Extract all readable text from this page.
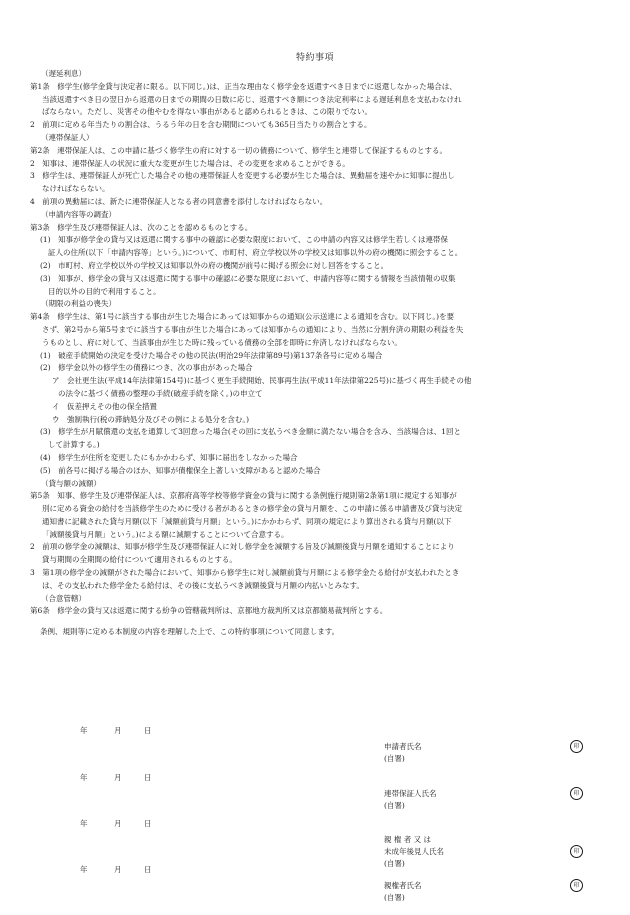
特約事項
（遅延利息）
第1条　修学生(修学金貸与決定者に限る。以下同じ。)は、正当な理由なく修学金を返還すべき日までに返還しなかった場合は、
当該返還すべき日の翌日から返還の日までの期間の日数に応じ、返還すべき額につき法定利率による遅延利息を支払わなけれ
ばならない。ただし、災害その他やむを得ない事由があると認められるときは、この限りでない。
2　前項に定める年当たりの割合は、うるう年の日を含む期間についても365日当たりの割合とする。
（連帯保証人）
第2条　連帯保証人は、この申請に基づく修学生の府に対する一切の債務について、修学生と連帯して保証するものとする。
2　知事は、連帯保証人の状況に重大な変更が生じた場合は、その変更を求めることができる。
3　修学生は、連帯保証人が死亡した場合その他の連帯保証人を変更する必要が生じた場合は、異動届を速やかに知事に提出し
なければならない。
4　前項の異動届には、新たに連帯保証人となる者の同意書を添付しなければならない。
（申請内容等の調査）
第3条　修学生及び連帯保証人は、次のことを認めるものとする。
(1)　知事が修学金の貸与又は返還に関する事中の確認に必要な限度において、この申請の内容又は修学生若しくは連帯保
証人の住所(以下「申請内容等」という。)について、市町村、府立学校以外の学校又は知事以外の府の機関に照会すること。
(2)　市町村、府立学校以外の学校又は知事以外の府の機関が前号に掲げる照会に対し回答をすること。
(3)　知事が、修学金の貸与又は返還に関する事中の確認に必要な限度において、申請内容等に関する情報を当該情報の収集
目的以外の目的で利用すること。
（期限の利益の喪失）
第4条　修学生は、第1号に該当する事由が生じた場合にあっては知事からの通知(公示送達による通知を含む。以下同じ。)を要
さず、第2号から第5号までに該当する事由が生じた場合にあっては知事からの通知により、当然に分割弁済の期限の利益を失
うものとし、府に対して、当該事由が生じた時に残っている債務の全部を即時に弁済しなければならない。
(1)　破産手続開始の決定を受けた場合その他の民法(明治29年法律第89号)第137条各号に定める場合
(2)　修学金以外の修学生の債務につき、次の事由があった場合
ア　会社更生法(平成14年法律第154号)に基づく更生手続開始、民事再生法(平成11年法律第225号)に基づく再生手続その他
の法令に基づく債務の整理の手続(破産手続を除く。)の申立て
イ　仮差押えその他の保全措置
ウ　強制執行(税の滞納処分及びその例による処分を含む。)
(3)　修学生が月賦償還の支払を通算して3回怠った場合(その回に支払うべき金額に満たない場合を含み、当該場合は、1回と
して計算する。)
(4)　修学生が住所を変更したにもかかわらず、知事に届出をしなかった場合
(5)　前各号に掲げる場合のほか、知事が債権保全上著しい支障があると認めた場合
（貸与額の減額）
第5条　知事、修学生及び連帯保証人は、京都府高等学校等修学資金の貸与に関する条例施行規則第2条第1項に規定する知事が
別に定める資金の給付を当該修学生のために受ける者があるときの修学金の貸与月額を、この申請に係る申請書及び貸与決定
通知書に記載された貸与月額(以下「減額前貸与月額」という。)にかかわらず、同項の規定により算出される貸与月額(以下
「減額後貸与月額」という。)による額に減額することについて合意する。
2　前項の修学金の減額は、知事が修学生及び連帯保証人に対し修学金を減額する旨及び減額後貸与月額を通知することにより
貸与期間の全期間の給付について適用されるものとする。
3　第1項の修学金の減額がされた場合において、知事から修学生に対し減額前貸与月額による修学金たる給付が支払われたとき
は、その支払われた修学金たる給付は、その後に支払うべき減額後貸与月額の内払いとみなす。
（合意管轄）
第6条　修学金の貸与又は返還に関する紛争の管轄裁判所は、京都地方裁判所又は京都簡易裁判所とする。
条例、規則等に定める本制度の内容を理解した上で、この特約事項について同意します。
年	月	日
申請者氏名	印
(自署)
年	月	日
連帯保証人氏名	印
(自署)
年	月	日
親 権 者 又 は
未成年後見人氏名	印
(自署)
年	月	日
親権者氏名	印
(自署)
